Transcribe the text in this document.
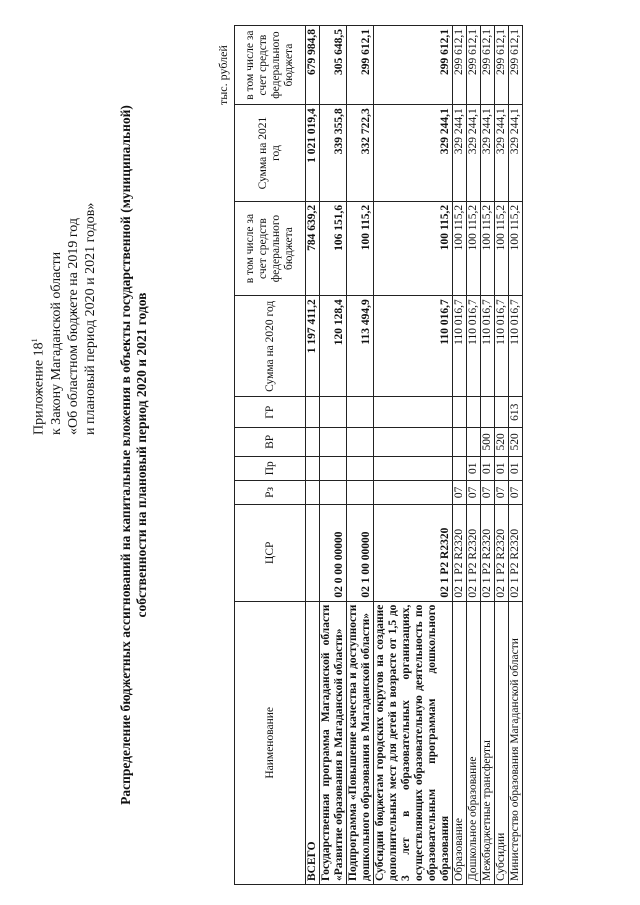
Приложение $18^1$ к Закону Магаданской области «Об областном бюджете на 2019 год и плановый период 2020 и 2021 годов» Распределение бюджетных ассигнований на капитальные вложения в объекты государственной (муниципальной) собственности на плановый период 2020 и 2021 годов
тыс. рублей
Наименование	ЦСР	Рз	Пр	ВР	ГР	Сумма на 2020 год	в том числе за счет средств федерального бюджета	Сумма на 2021 год	в том числе за счет средств федерального бюджета
ВСЕГО						1 197 411,2	784 639,2	1 021 019,4	679 984,8
Государственная программа Магаданской области «Развитие образования в Магаданской области»	02 0 00 00000					120 128,4	106 151,6	339 355,8	305 648,5
Подпрограмма «Повышение качества и доступности дошкольного образования в Магаданской области»	02 1 00 00000					113 494,9	100 115,2	332 722,3	299 612,1
Субсидии бюджетам городских округов на создание дополнительных мест для детей в возрасте от 1,5 до 3 лет в образовательных организациях, осуществляющих образовательную деятельность по образовательным программам дошкольного образования	02 1 Р2 R2320					110 016,7	100 115,2	329 244,1	299 612,1
Образование	02 1 Р2 R2320	07				110 016,7	100 115,2	329 244,1	299 612,1
Дошкольное образование	02 1 Р2 R2320	07	01			110 016,7	100 115,2	329 244,1	299 612,1
Межбюджетные трансферты	02 1 Р2 R2320	07	01	500		110 016,7	100 115,2	329 244,1	299 612,1
Субсидии	02 1 Р2 R2320	07	01	520		110 016,7	100 115,2	329 244,1	299 612,1
Министерство образования Магаданской области	02 1 Р2 R2320	07	01	520	613	110 016,7	100 115,2	329 244,1	299 612,1
